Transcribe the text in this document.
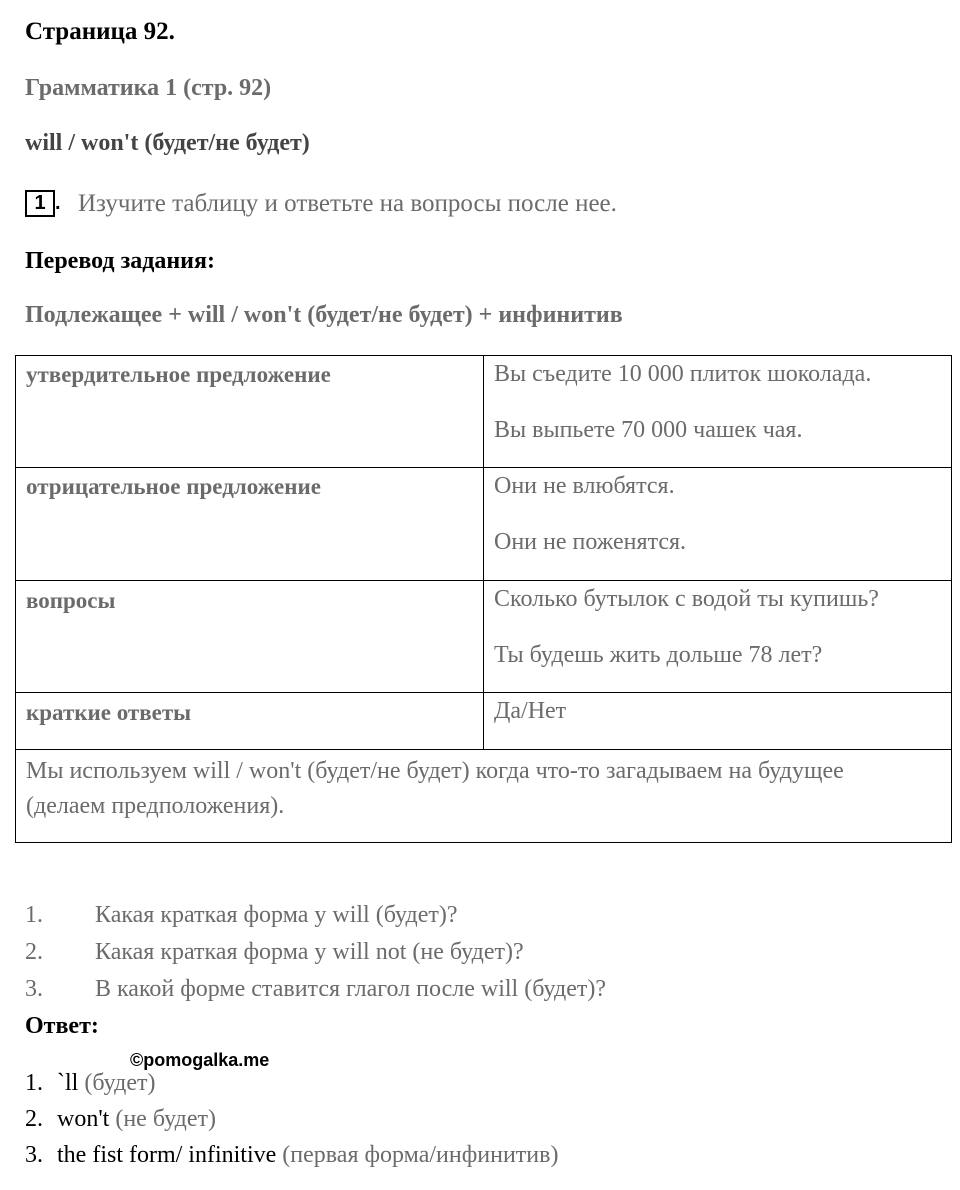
Страница 92.
Грамматика 1 (стр. 92)
will / won't (будет/не будет)
1 . Изучите таблицу и ответьте на вопросы после нее.
Перевод задания:
Подлежащее + will / won't (будет/не будет) + инфинитив
утвердительное предложение	Вы съедите 10 000 плиток шоколада.
Вы выпьете 70 000 чашек чая.
отрицательное предложение	Они не влюбятся.
Они не поженятся.
вопросы	Сколько бутылок с водой ты купишь?
Ты будешь жить дольше 78 лет?
краткие ответы	Да/Нет
Мы используем will / won't (будет/не будет) когда что-то загадываем на будущее (делаем предположения).
1. Какая краткая форма у will (будет)?
2. Какая краткая форма у will not (не будет)?
3. В какой форме ставится глагол после will (будет)?
Ответ:
©pomogalka.me
1. `ll (будет)
2. won't (не будет)
3. the fist form/ infinitive (первая форма/инфинитив)
